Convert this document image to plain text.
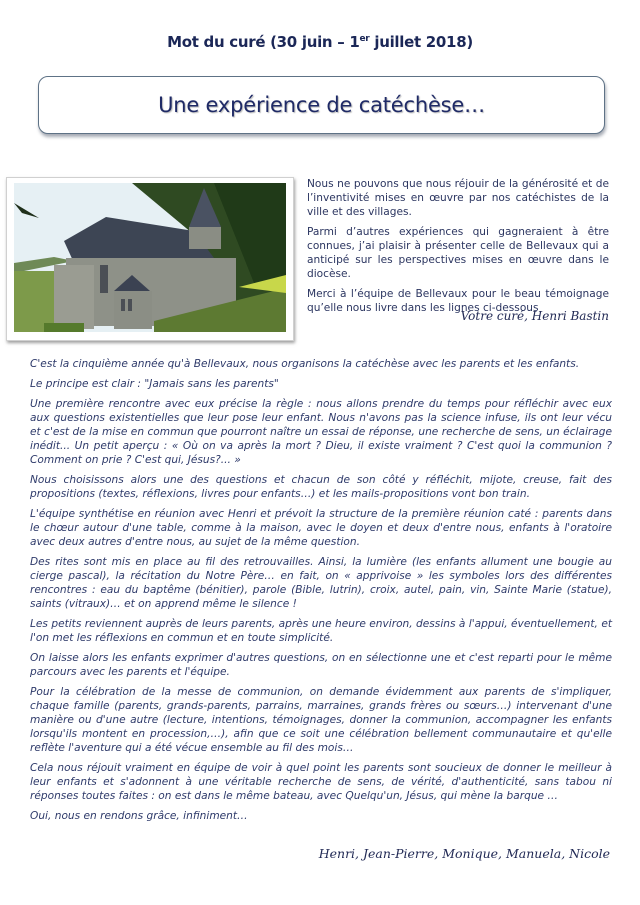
Mot du curé (30 juin – 1er juillet 2018)
Une expérience de catéchèse…

Nous ne pouvons que nous réjouir de la générosité et de l’inventivité mises en œuvre par nos catéchistes de la ville et des villages.

Parmi d’autres expériences qui gagneraient à être connues, j’ai plaisir à présenter celle de Bellevaux qui a anticipé sur les perspectives mises en œuvre dans le diocèse.

Merci à l’équipe de Bellevaux pour le beau témoignage qu’elle nous livre dans les lignes ci-dessous

Votre curé, Henri Bastin

C'est la cinquième année qu'à Bellevaux, nous organisons la catéchèse avec les parents et les enfants.

Le principe est clair : "Jamais sans les parents"

Une première rencontre avec eux précise la règle : nous allons prendre du temps pour réfléchir avec eux aux questions existentielles que leur pose leur enfant. Nous n'avons pas la science infuse, ils ont leur vécu et c'est de la mise en commun que pourront naître un essai de réponse, une recherche de sens, un éclairage inédit... Un petit aperçu : « Où on va après la mort ? Dieu, il existe vraiment ? C'est quoi la communion ? Comment on prie ? C'est qui, Jésus?... »

Nous choisissons alors une des questions et chacun de son côté y réfléchit, mijote, creuse, fait des propositions (textes, réflexions, livres pour enfants…) et les mails-propositions vont bon train.

L'équipe synthétise en réunion avec Henri et prévoit la structure de la première réunion caté : parents dans le chœur autour d'une table, comme à la maison, avec le doyen et deux d'entre nous, enfants à l'oratoire avec deux autres d'entre nous, au sujet de la même question.

Des rites sont mis en place au fil des retrouvailles. Ainsi, la lumière (les enfants allument une bougie au cierge pascal), la récitation du Notre Père… en fait, on « apprivoise » les symboles lors des différentes rencontres : eau du baptême (bénitier), parole (Bible, lutrin), croix, autel, pain, vin, Sainte Marie (statue), saints (vitraux)… et on apprend même le silence !

Les petits reviennent auprès de leurs parents, après une heure environ, dessins à l'appui, éventuellement, et l'on met les réflexions en commun et en toute simplicité.

On laisse alors les enfants exprimer d'autres questions, on en sélectionne une et c'est reparti pour le même parcours avec les parents et l'équipe.

Pour la célébration de la messe de communion, on demande évidemment aux parents de s'impliquer, chaque famille (parents, grands-parents, parrains, marraines, grands frères ou sœurs…) intervenant d'une manière ou d'une autre (lecture, intentions, témoignages, donner la communion, accompagner les enfants lorsqu'ils montent en procession,…), afin que ce soit une célébration bellement communautaire et qu'elle reflète l'aventure qui a été vécue ensemble au fil des mois…

Cela nous réjouit vraiment en équipe de voir à quel point les parents sont soucieux de donner le meilleur à leur enfants et s'adonnent à une véritable recherche de sens, de vérité, d'authenticité, sans tabou ni réponses toutes faites : on est dans le même bateau, avec Quelqu'un, Jésus, qui mène la barque …

Oui, nous en rendons grâce, infiniment…

Henri, Jean-Pierre, Monique, Manuela, Nicole
